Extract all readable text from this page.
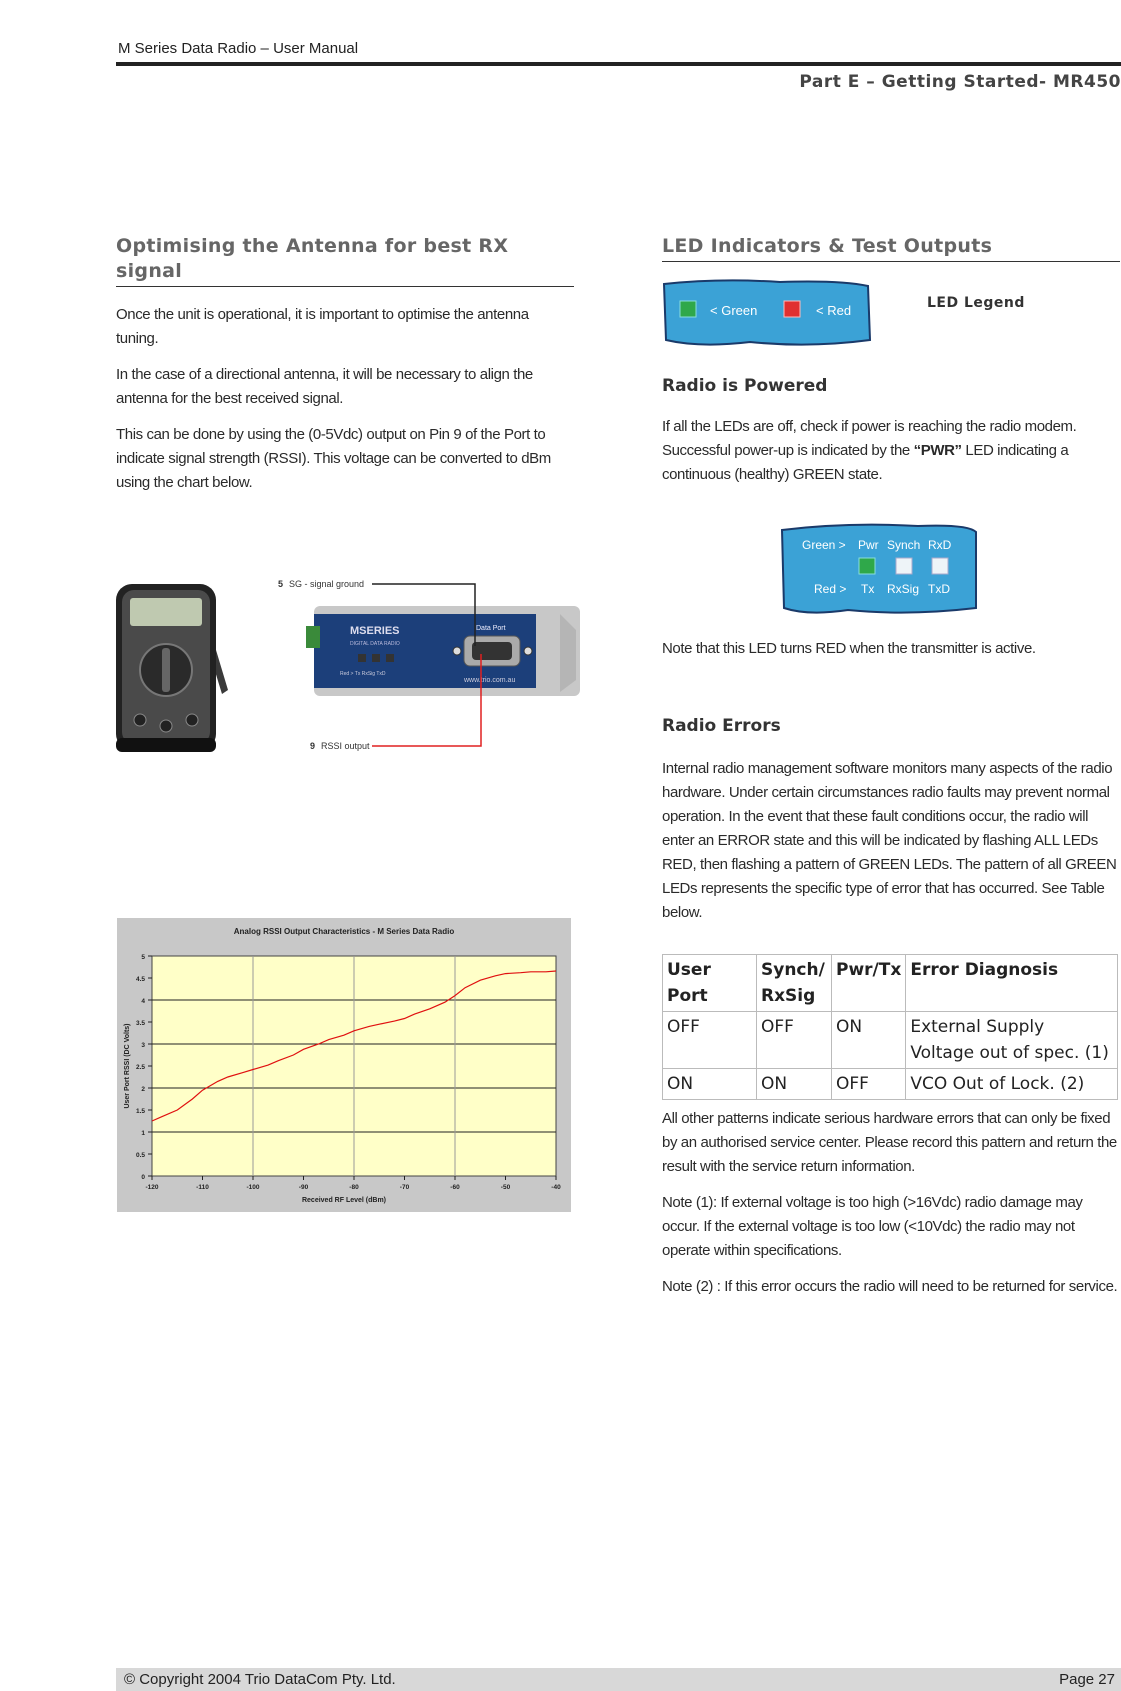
M Series Data Radio – User Manual
Part E – Getting Started- MR450
Optimising the Antenna for best RX signal

Once the unit is operational, it is important to optimise the antenna tuning.

In the case of a directional antenna, it will be necessary to align the antenna for the best received signal.

This can be done by using the (0-5Vdc) output on Pin 9 of the Port to indicate signal strength (RSSI). This voltage can be converted to dBm using the chart below.

MSERIES
DIGITAL DATA RADIO
Red > Tx RxSig TxD
Data Port
www.trio.com.au
5 SG - signal ground
9 RSSI output
Analog RSSI Output Characteristics - M Series Data Radio
Received RF Level (dBm)
User Port RSSI (DC Volts)
0
0.5
1
1.5
2
2.5
3
3.5
4
4.5
5
-120	-110	-100	-90	-80	-70	-60	-50	-40
LED Indicators & Test Outputs
< Green	< Red	LED Legend
Radio is Powered
If all the LEDs are off, check if power is reaching the radio modem. Successful power-up is indicated by the “PWR” LED indicating a continuous (healthy) GREEN state.
Green >
Red >
Pwr Synch RxD
Tx RxSig TxD
Note that this LED turns RED when the transmitter is active.
Radio Errors
Internal radio management software monitors many aspects of the radio hardware. Under certain circumstances radio faults may prevent normal operation. In the event that these fault conditions occur, the radio will enter an ERROR state and this will be indicated by flashing ALL LEDs RED, then flashing a pattern of GREEN LEDs. The pattern of all GREEN LEDs represents the specific type of error that has occurred. See Table below.
User Port	Synch/ RxSig	Pwr/Tx	Error Diagnosis
OFF	OFF	ON	External Supply Voltage out of spec. (1)
ON	ON	OFF	VCO Out of Lock. (2)

All other patterns indicate serious hardware errors that can only be fixed by an authorised service center. Please record this pattern and return the result with the service return information.

Note (1): If external voltage is too high (>16Vdc) radio damage may occur. If the external voltage is too low (<10Vdc) the radio may not operate within specifications.

Note (2) : If this error occurs the radio will need to be returned for service.

© Copyright 2004 Trio DataCom Pty. Ltd.	Page 27
